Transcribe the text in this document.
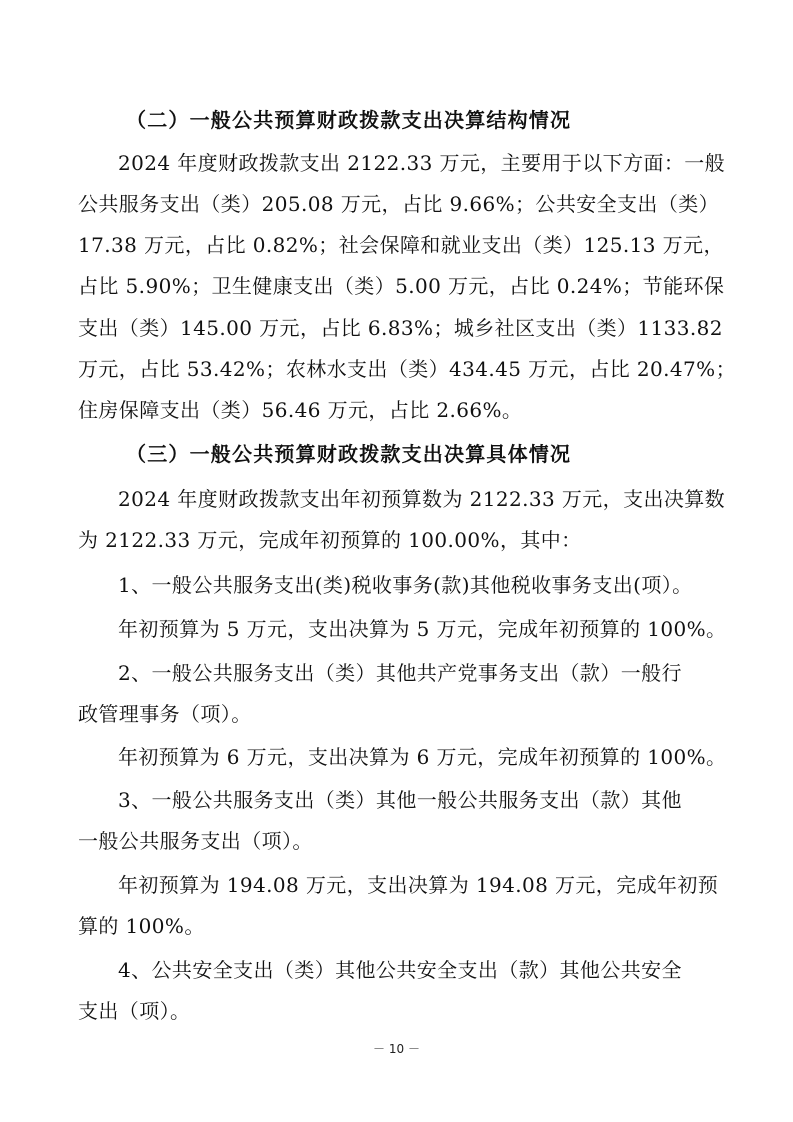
（二）一般公共预算财政拨款支出决算结构情况
2024 年度财政拨款支出 2122.33 万元，主要用于以下方面：一般
公共服务支出（类）205.08 万元，占比 9.66%；公共安全支出（类）
17.38 万元，占比 0.82%；社会保障和就业支出（类）125.13 万元，
占比 5.90%；卫生健康支出（类）5.00 万元，占比 0.24%；节能环保
支出（类）145.00 万元，占比 6.83%；城乡社区支出（类）1133.82
万元，占比 53.42%；农林水支出（类）434.45 万元，占比 20.47%；
住房保障支出（类）56.46 万元，占比 2.66%。
（三）一般公共预算财政拨款支出决算具体情况
2024 年度财政拨款支出年初预算数为 2122.33 万元，支出决算数
为 2122.33 万元，完成年初预算的 100.00%，其中：
1、一般公共服务支出(类)税收事务(款)其他税收事务支出(项）。
年初预算为 5 万元，支出决算为 5 万元，完成年初预算的 100%。
2、一般公共服务支出（类）其他共产党事务支出（款）一般行
政管理事务（项）。
年初预算为 6 万元，支出决算为 6 万元，完成年初预算的 100%。
3、一般公共服务支出（类）其他一般公共服务支出（款）其他
一般公共服务支出（项）。
年初预算为 194.08 万元，支出决算为 194.08 万元，完成年初预
算的 100%。
4、公共安全支出（类）其他公共安全支出（款）其他公共安全
支出（项）。
－ 10 －
